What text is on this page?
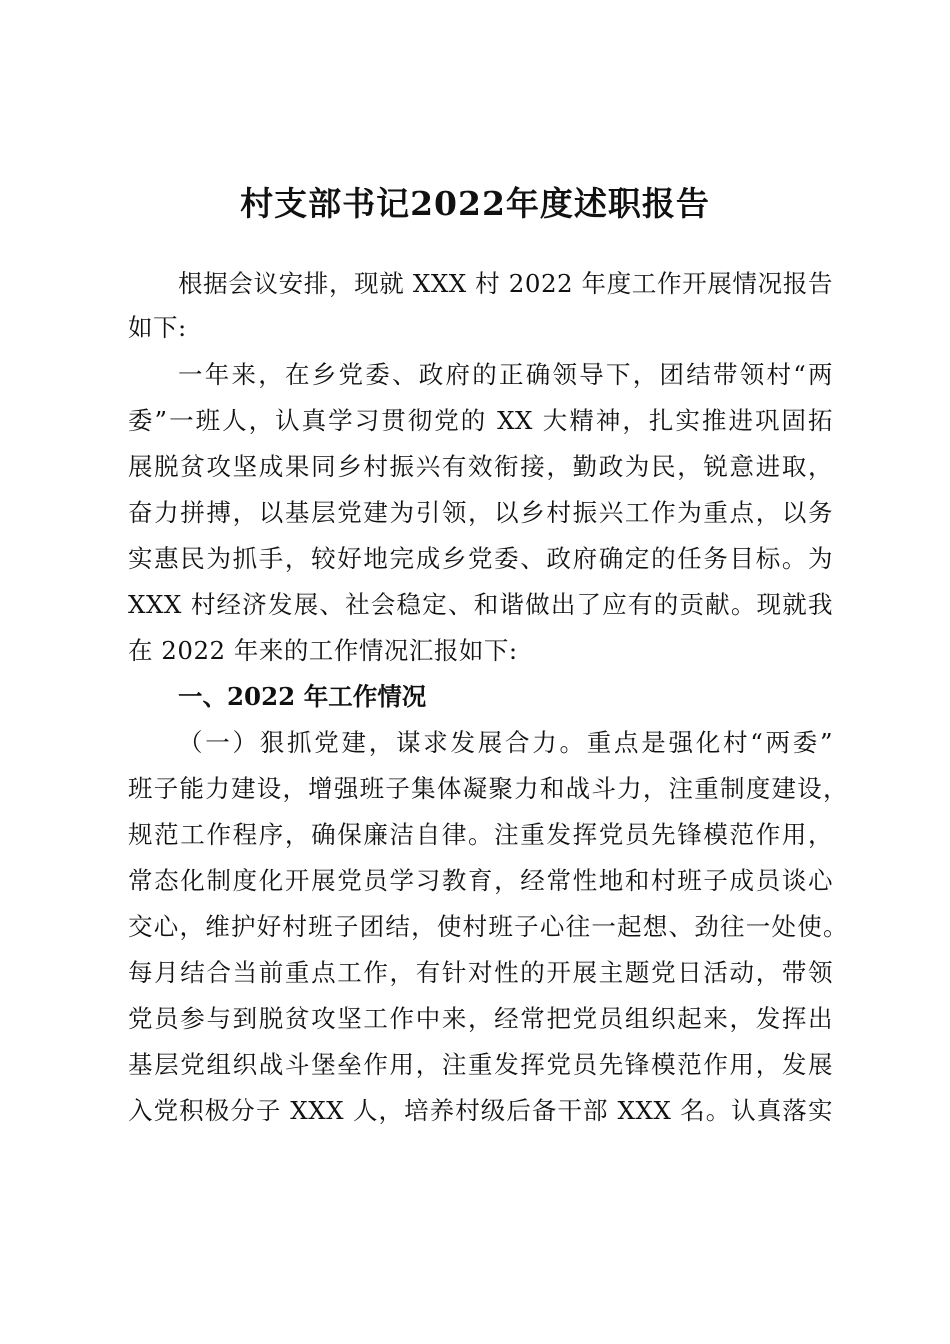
村支部书记2022年度述职报告
根据会议安排，现就 XXX 村 2022 年度工作开展情况报告
如下:
一年来，在乡党委、政府的正确领导下，团结带领村“两
委”一班人，认真学习贯彻党的 XX 大精神，扎实推进巩固拓
展脱贫攻坚成果同乡村振兴有效衔接，勤政为民，锐意进取，
奋力拼搏，以基层党建为引领，以乡村振兴工作为重点，以务
实惠民为抓手，较好地完成乡党委、政府确定的任务目标。为
XXX 村经济发展、社会稳定、和谐做出了应有的贡献。现就我
在 2022 年来的工作情况汇报如下:
一、2022 年工作情况
（一）狠抓党建，谋求发展合力。重点是强化村“两委”
班子能力建设，增强班子集体凝聚力和战斗力，注重制度建设，
规范工作程序，确保廉洁自律。注重发挥党员先锋模范作用，
常态化制度化开展党员学习教育，经常性地和村班子成员谈心
交心，维护好村班子团结，使村班子心往一起想、劲往一处使。
每月结合当前重点工作，有针对性的开展主题党日活动，带领
党员参与到脱贫攻坚工作中来，经常把党员组织起来，发挥出
基层党组织战斗堡垒作用，注重发挥党员先锋模范作用，发展
入党积极分子 XXX 人，培养村级后备干部 XXX 名。认真落实
